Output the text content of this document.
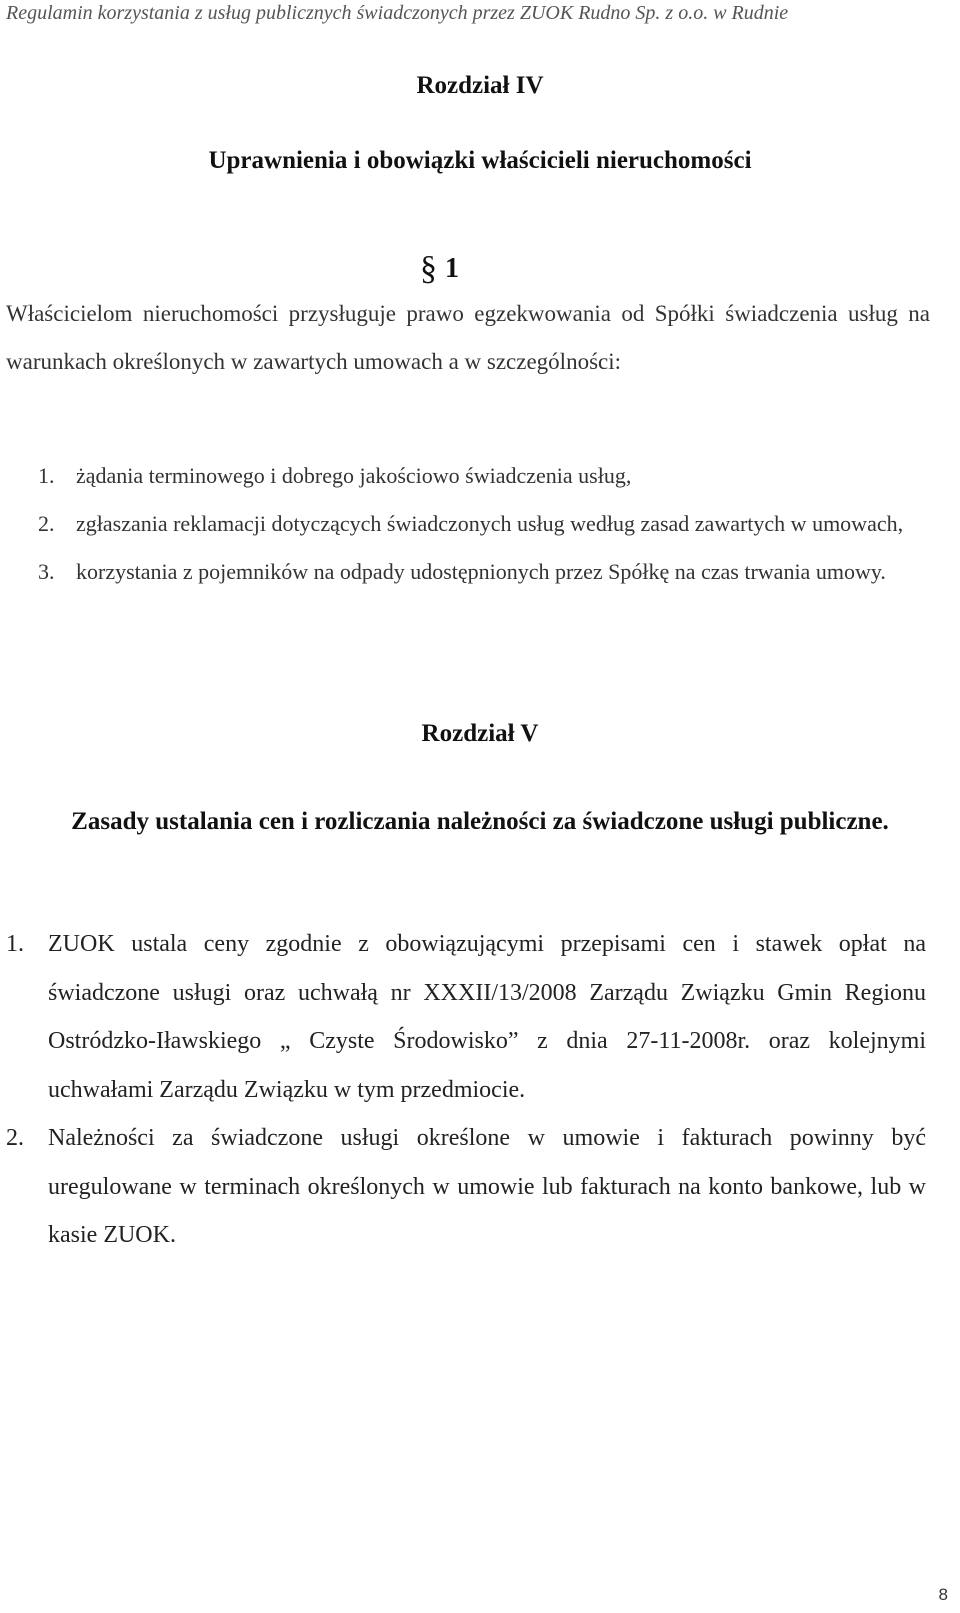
Regulamin korzystania z usług publicznych świadczonych przez ZUOK Rudno Sp. z o.o. w Rudnie
Rozdział IV
Uprawnienia i obowiązki właścicieli nieruchomości
§ 1
Właścicielom nieruchomości przysługuje prawo egzekwowania od Spółki świadczenia usług na warunkach określonych w zawartych umowach a w szczególności:
1. żądania terminowego i dobrego jakościowo świadczenia usług,
2. zgłaszania reklamacji dotyczących świadczonych usług według zasad zawartych w umowach,
3. korzystania z pojemników na odpady udostępnionych przez Spółkę na czas trwania umowy.
Rozdział V
Zasady ustalania cen i rozliczania należności za świadczone usługi publiczne.
1.	ZUOK ustala ceny zgodnie z obowiązującymi przepisami cen i stawek opłat na świadczone usługi oraz uchwałą nr XXXII/13/2008 Zarządu Związku Gmin Regionu Ostródzko-Iławskiego „ Czyste Środowisko” z dnia 27-11-2008r. oraz kolejnymi uchwałami Zarządu Związku w tym przedmiocie.
2.	Należności za świadczone usługi określone w umowie i fakturach powinny być uregulowane w terminach określonych w umowie lub fakturach na konto bankowe, lub w kasie ZUOK.
8
